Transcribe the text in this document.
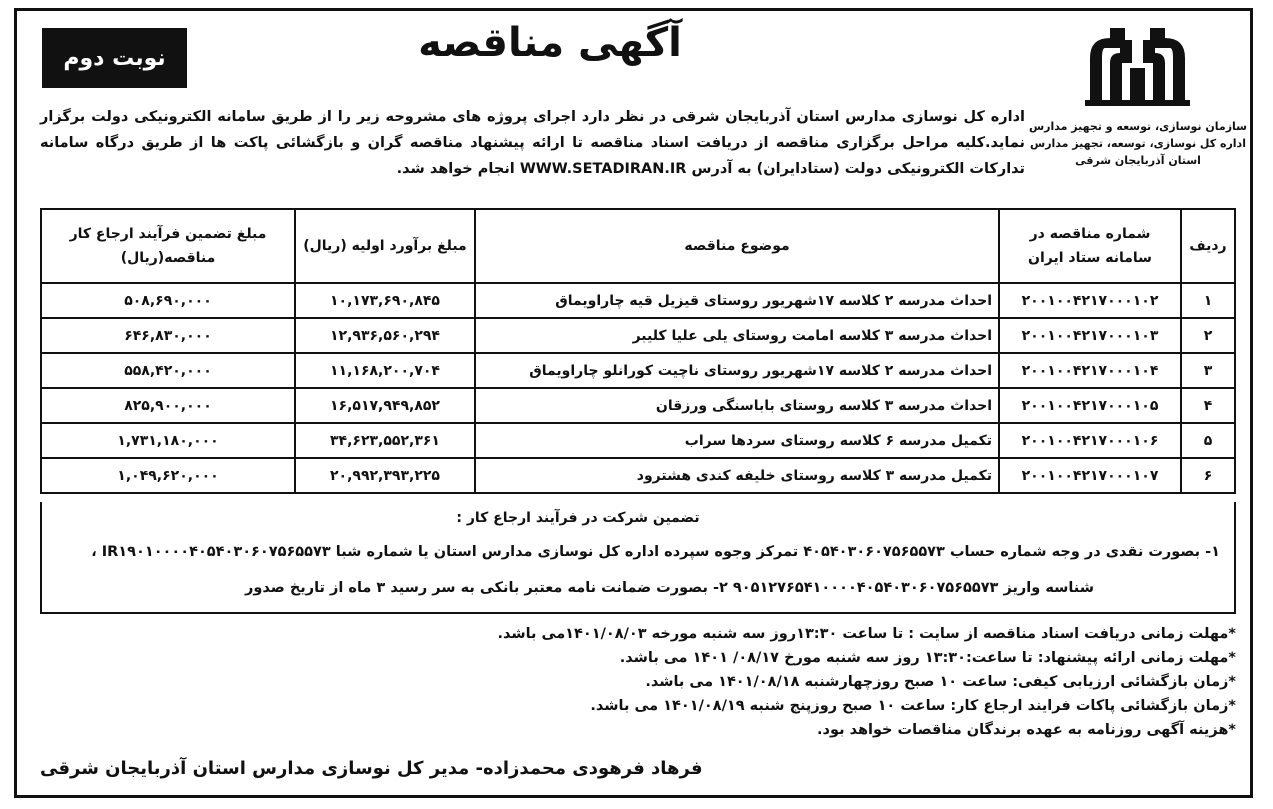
سازمان نوسازی، توسعه و تجهیز مدارس
اداره کل نوسازی، توسعه، تجهیز مدارس
استان آذربایجان شرقی
نوبت دوم	آگهی مناقصه
اداره کل نوسازی مدارس استان آذربایجان شرقی در نظر دارد اجرای پروژه های مشروحه زیر را از طریق سامانه الکترونیکی دولت برگزار نماید.کلیه مراحل برگزاری مناقصه از دریافت اسناد مناقصه تا ارائه پیشنهاد مناقصه گران و بازگشائی پاکت ها از طریق درگاه سامانه تدارکات الکترونیکی دولت (ستادایران) به آدرس WWW.SETADIRAN.IR انجام خواهد شد.
ردیف	شماره مناقصه در سامانه ستاد ایران	موضوع مناقصه	مبلغ برآورد اولیه (ریال)	مبلغ تضمین فرآیند ارجاع کار مناقصه(ریال)
۱	۲۰۰۱۰۰۴۲۱۷۰۰۰۱۰۲	احداث مدرسه ۲ کلاسه ۱۷شهریور روستای قیزیل قیه چاراویماق	۱۰,۱۷۳,۶۹۰,۸۴۵	۵۰۸,۶۹۰,۰۰۰
۲	۲۰۰۱۰۰۴۲۱۷۰۰۰۱۰۳	احداث مدرسه ۳ کلاسه امامت روستای یلی علیا کلیبر	۱۲,۹۳۶,۵۶۰,۲۹۴	۶۴۶,۸۳۰,۰۰۰
۳	۲۰۰۱۰۰۴۲۱۷۰۰۰۱۰۴	احداث مدرسه ۲ کلاسه ۱۷شهریور روستای ناچیت کورانلو چاراویماق	۱۱,۱۶۸,۲۰۰,۷۰۴	۵۵۸,۴۲۰,۰۰۰
۴	۲۰۰۱۰۰۴۲۱۷۰۰۰۱۰۵	احداث مدرسه ۳ کلاسه روستای باباسنگی ورزقان	۱۶,۵۱۷,۹۴۹,۸۵۲	۸۲۵,۹۰۰,۰۰۰
۵	۲۰۰۱۰۰۴۲۱۷۰۰۰۱۰۶	تکمیل مدرسه ۶ کلاسه روستای سردها سراب	۳۴,۶۲۳,۵۵۲,۳۶۱	۱,۷۳۱,۱۸۰,۰۰۰
۶	۲۰۰۱۰۰۴۲۱۷۰۰۰۱۰۷	تکمیل مدرسه ۳ کلاسه روستای خلیفه کندی هشترود	۲۰,۹۹۲,۳۹۳,۲۲۵	۱,۰۴۹,۶۲۰,۰۰۰
تضمین شرکت در فرآیند ارجاع کار :
۱- بصورت نقدی در وجه شماره حساب ۴۰۵۴۰۳۰۶۰۷۵۶۵۵۷۳ تمرکز وجوه سپرده اداره کل نوسازی مدارس استان یا شماره شبا IR۱۹۰۱۰۰۰۰۴۰۵۴۰۳۰۶۰۷۵۶۵۵۷۳ ،
شناسه واریز ۹۰۵۱۲۷۶۵۴۱۰۰۰۰۴۰۵۴۰۳۰۶۰۷۵۶۵۵۷۳ ۲- بصورت ضمانت نامه معتبر بانکی به سر رسید ۳ ماه از تاریخ صدور
*مهلت زمانی دریافت اسناد مناقصه از سایت : تا ساعت ۱۳:۳۰روز سه شنبه مورخه ۱۴۰۱/۰۸/۰۳می باشد.
*مهلت زمانی ارائه پیشنهاد: تا ساعت:۱۳:۳۰ روز سه شنبه مورخ ۰۸/۱۷/ ۱۴۰۱ می باشد.
*زمان بازگشائی ارزیابی کیفی: ساعت ۱۰ صبح روزچهارشنبه ۱۴۰۱/۰۸/۱۸ می باشد.
*زمان بازگشائی پاکات فرایند ارجاع کار: ساعت ۱۰ صبح روزپنج شنبه ۱۴۰۱/۰۸/۱۹ می باشد.
*هزینه آگهی روزنامه به عهده برندگان مناقصات خواهد بود.
فرهاد فرهودی محمدزاده- مدیر کل نوسازی مدارس استان آذربایجان شرقی
